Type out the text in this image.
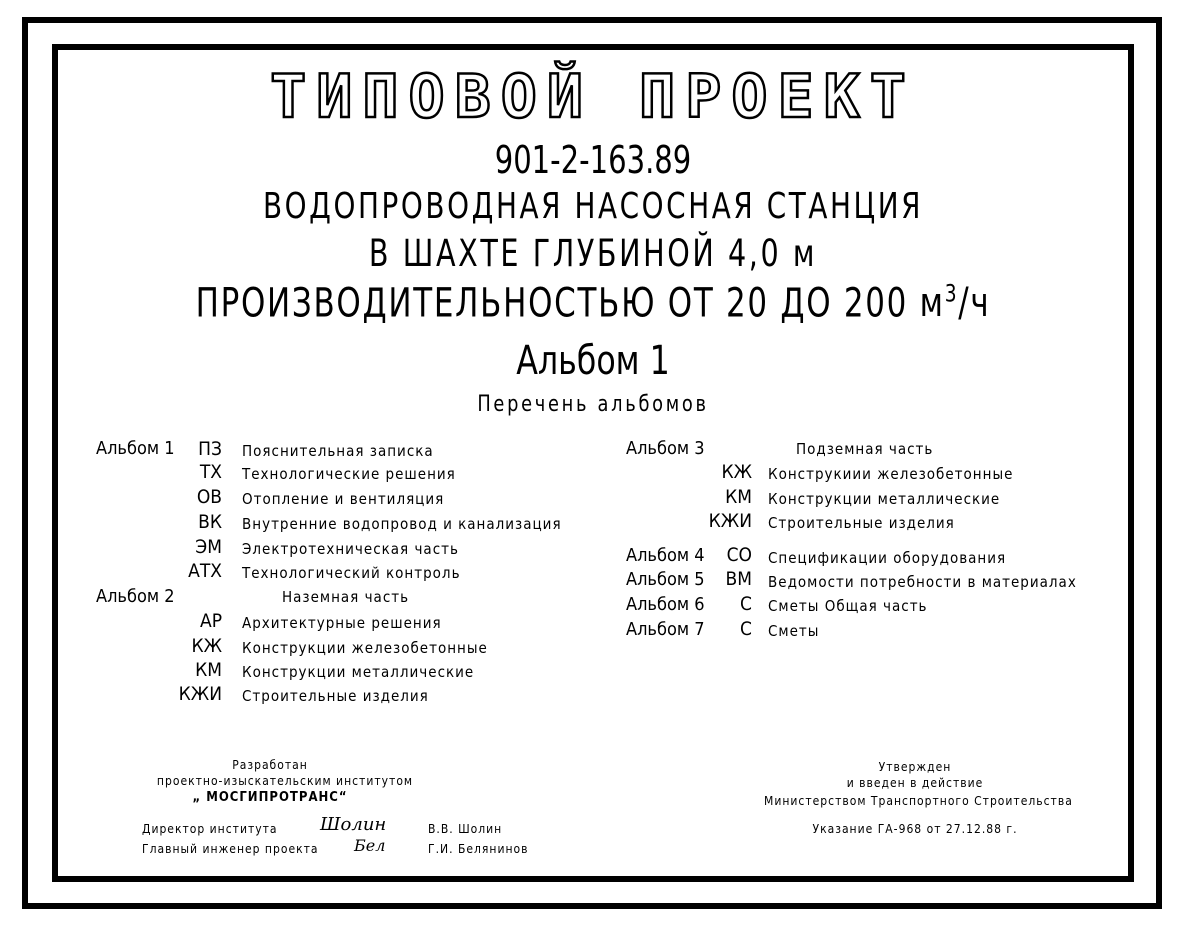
ТИПОВОЙ ПРОЕКТ
901-2-163.89
ВОДОПРОВОДНАЯ НАСОСНАЯ СТАНЦИЯ
В ШАХТЕ ГЛУБИНОЙ 4,0 м
ПРОИЗВОДИТЕЛЬНОСТЬЮ ОТ 20 ДО 200 $м^3/ч$
Альбом 1
Перечень альбомов
Альбом 1	ПЗ Пояснительная записка
ТХ Технологические решения
ОВ Отопление и вентиляция
ВК Внутренние водопровод и канализация
ЭМ Электротехническая часть
АТХ Технологический контроль
Альбом 2	Наземная часть
АР Архитектурные решения
КЖ Конструкции железобетонные
КМ Конструкции металлические
КЖИ Строительные изделия
Альбом 3	Подземная часть
КЖ Конструкиии железобетонные
КМ Конструкции металлические
КЖИ Строительные изделия
Альбом 4	СО Спецификации оборудования
Альбом 5	ВМ Ведомости потребности в материалах
Альбом 6	С Сметы Общая часть
Альбом 7	С Сметы
Разработан
проектно-изыскательским институтом
„ МОСГИПРОТРАНС“
Директор института Шолин	В.В. Шолин
Главный инженер проекта Бел	Г.И. Белянинов
Утвержден
и введен в действие
Министерством Транспортного Строительства
Указание ГА-968 от 27.12.88 г.
